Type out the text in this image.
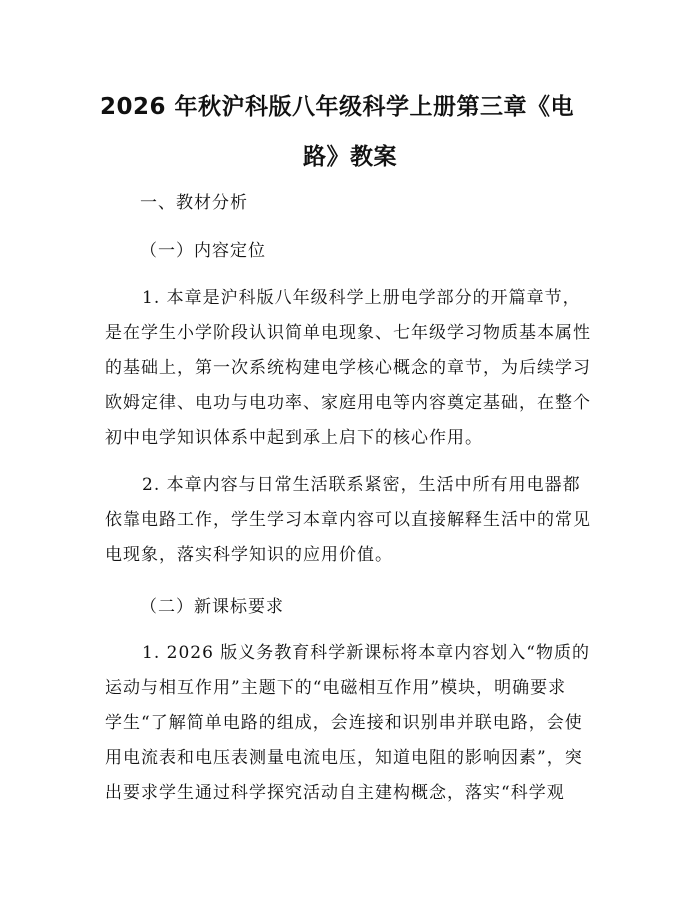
2026 年秋沪科版八年级科学上册第三章《电
路》教案
一、教材分析
（一）内容定位
1. 本章是沪科版八年级科学上册电学部分的开篇章节，
是在学生小学阶段认识简单电现象、七年级学习物质基本属性
的基础上，第一次系统构建电学核心概念的章节，为后续学习
欧姆定律、电功与电功率、家庭用电等内容奠定基础，在整个
初中电学知识体系中起到承上启下的核心作用。
2. 本章内容与日常生活联系紧密，生活中所有用电器都
依靠电路工作，学生学习本章内容可以直接解释生活中的常见
电现象，落实科学知识的应用价值。
（二）新课标要求
1. 2026 版义务教育科学新课标将本章内容划入“物质的
运动与相互作用”主题下的“电磁相互作用”模块，明确要求
学生“了解简单电路的组成，会连接和识别串并联电路，会使
用电流表和电压表测量电流电压，知道电阻的影响因素”，突
出要求学生通过科学探究活动自主建构概念，落实“科学观
